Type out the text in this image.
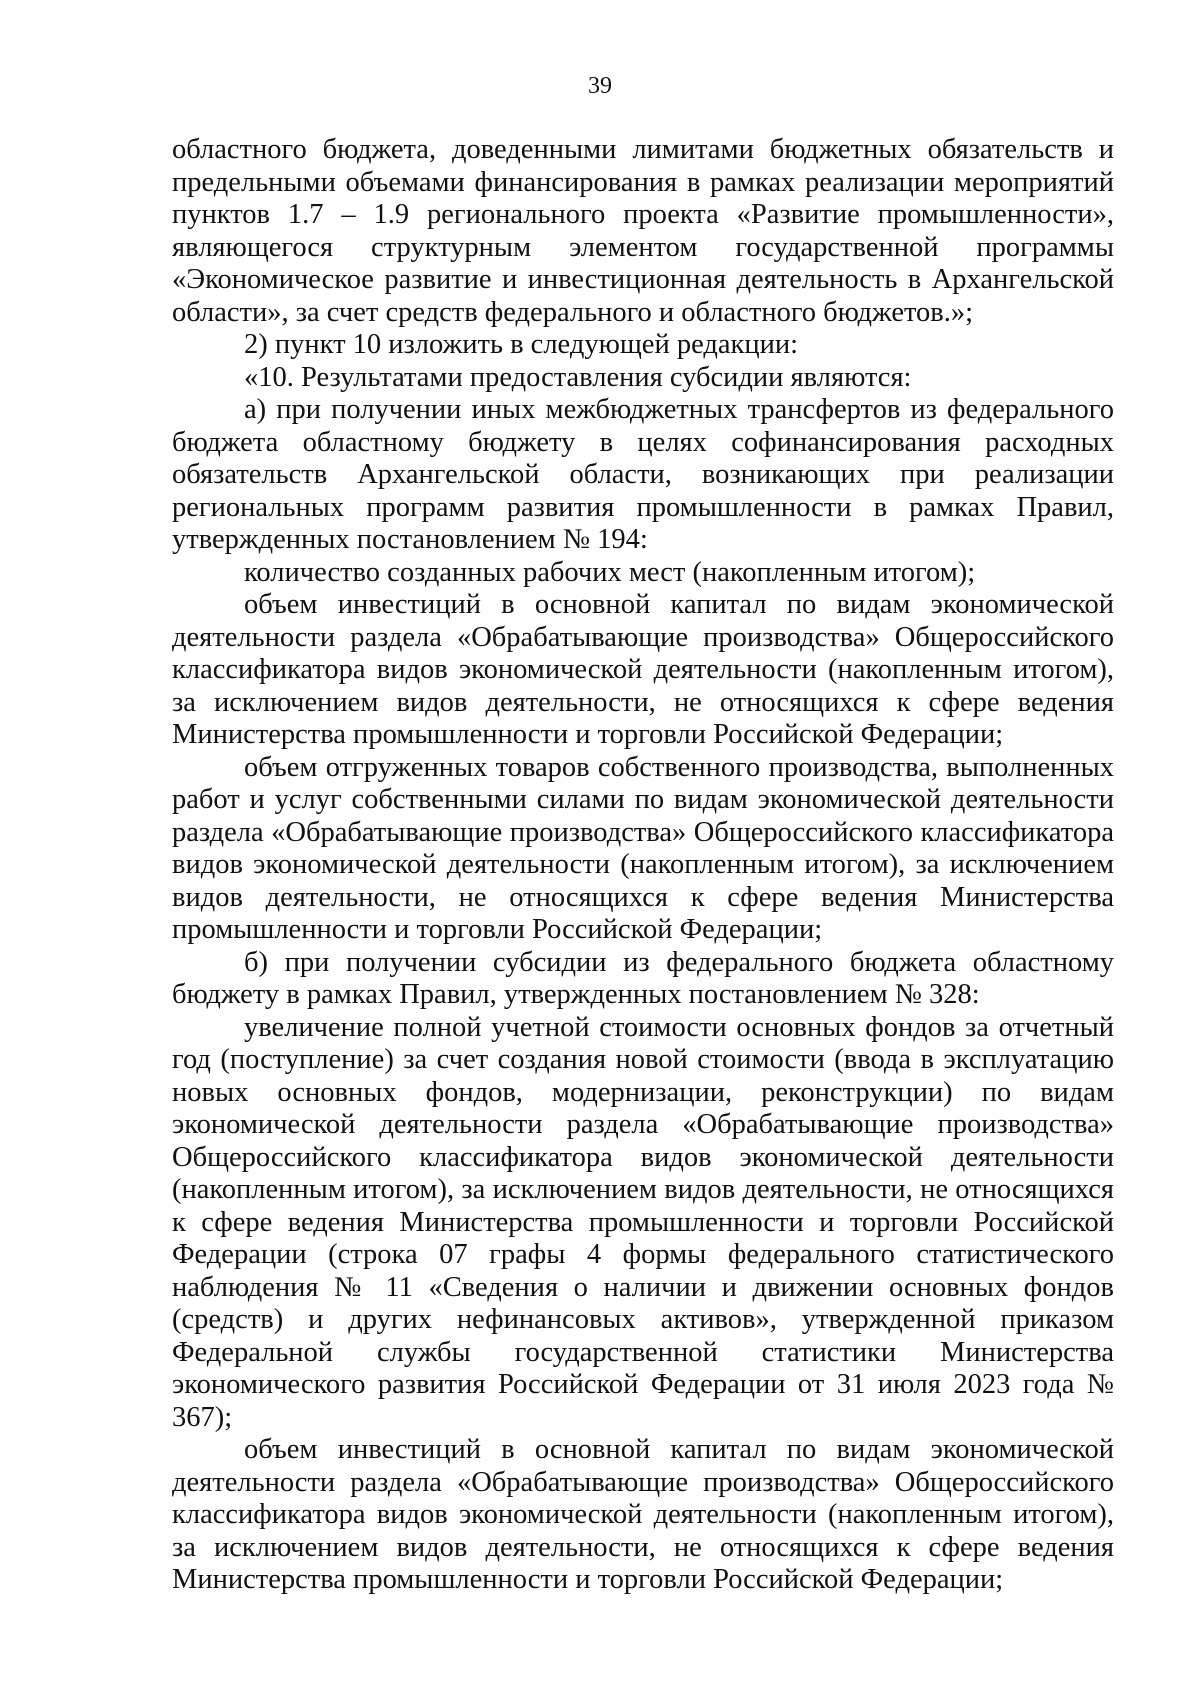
39

областного бюджета, доведенными лимитами бюджетных обязательств и предельными объемами финансирования в рамках реализации мероприятий пунктов 1.7 – 1.9 регионального проекта «Развитие промышленности», являющегося структурным элементом государственной программы «Экономическое развитие и инвестиционная деятельность в Архангельской области», за счет средств федерального и областного бюджетов.»;

2) пункт 10 изложить в следующей редакции:

«10. Результатами предоставления субсидии являются:

а) при получении иных межбюджетных трансфертов из федерального бюджета областному бюджету в целях софинансирования расходных обязательств Архангельской области, возникающих при реализации региональных программ развития промышленности в рамках Правил, утвержденных постановлением № 194:

количество созданных рабочих мест (накопленным итогом);

объем инвестиций в основной капитал по видам экономической деятельности раздела «Обрабатывающие производства» Общероссийского классификатора видов экономической деятельности (накопленным итогом), за исключением видов деятельности, не относящихся к сфере ведения Министерства промышленности и торговли Российской Федерации;

объем отгруженных товаров собственного производства, выполненных работ и услуг собственными силами по видам экономической деятельности раздела «Обрабатывающие производства» Общероссийского классификатора видов экономической деятельности (накопленным итогом), за исключением видов деятельности, не относящихся к сфере ведения Министерства промышленности и торговли Российской Федерации;

б) при получении субсидии из федерального бюджета областному бюджету в рамках Правил, утвержденных постановлением № 328:

увеличение полной учетной стоимости основных фондов за отчетный год (поступление) за счет создания новой стоимости (ввода в эксплуатацию новых основных фондов, модернизации, реконструкции) по видам экономической деятельности раздела «Обрабатывающие производства» Общероссийского классификатора видов экономической деятельности (накопленным итогом), за исключением видов деятельности, не относящихся к сфере ведения Министерства промышленности и торговли Российской Федерации (строка 07 графы 4 формы федерального статистического наблюдения № 11 «Сведения о наличии и движении основных фондов (средств) и других нефинансовых активов», утвержденной приказом Федеральной службы государственной статистики Министерства экономического развития Российской Федерации от 31 июля 2023 года № 367);

объем инвестиций в основной капитал по видам экономической деятельности раздела «Обрабатывающие производства» Общероссийского классификатора видов экономической деятельности (накопленным итогом), за исключением видов деятельности, не относящихся к сфере ведения Министерства промышленности и торговли Российской Федерации;
